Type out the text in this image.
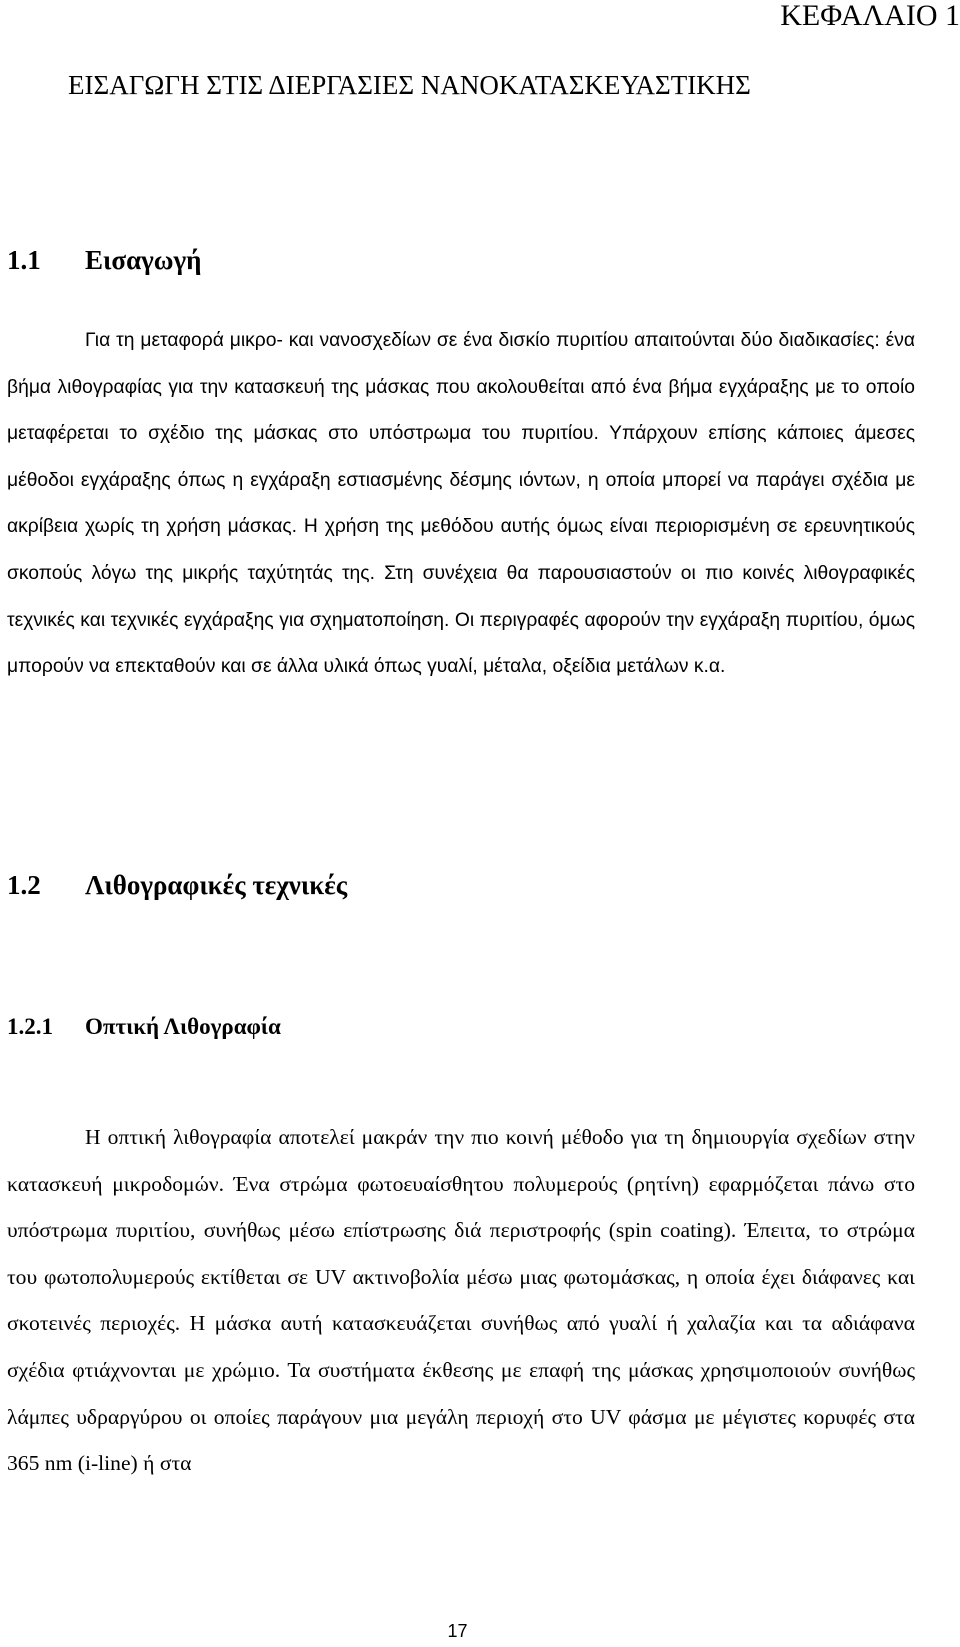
ΚΕΦΑΛΑΙΟ 1
ΕΙΣΑΓΩΓΗ ΣΤΙΣ ΔΙΕΡΓΑΣΙΕΣ ΝΑΝΟΚΑΤΑΣΚΕΥΑΣΤΙΚΗΣ
1.1 Εισαγωγή

Για τη μεταφορά μικρο- και νανοσχεδίων σε ένα δισκίο πυριτίου απαιτούνται δύο διαδικασίες: ένα βήμα λιθογραφίας για την κατασκευή της μάσκας που ακολουθείται από ένα βήμα εγχάραξης με το οποίο μεταφέρεται το σχέδιο της μάσκας στο υπόστρωμα του πυριτίου. Υπάρχουν επίσης κάποιες άμεσες μέθοδοι εγχάραξης όπως η εγχάραξη εστιασμένης δέσμης ιόντων, η οποία μπορεί να παράγει σχέδια με ακρίβεια χωρίς τη χρήση μάσκας. Η χρήση της μεθόδου αυτής όμως είναι περιορισμένη σε ερευνητικούς σκοπούς λόγω της μικρής ταχύτητάς της. Στη συνέχεια θα παρουσιαστούν οι πιο κοινές λιθογραφικές τεχνικές και τεχνικές εγχάραξης για σχηματοποίηση. Οι περιγραφές αφορούν την εγχάραξη πυριτίου, όμως μπορούν να επεκταθούν και σε άλλα υλικά όπως γυαλί, μέταλα, οξείδια μετάλων κ.α.

1.2 Λιθογραφικές τεχνικές
1.2.1 Οπτική Λιθογραφία

Η οπτική λιθογραφία αποτελεί μακράν την πιο κοινή μέθοδο για τη δημιουργία σχεδίων στην κατασκευή μικροδομών. Ένα στρώμα φωτοευαίσθητου πολυμερούς (ρητίνη) εφαρμόζεται πάνω στο υπόστρωμα πυριτίου, συνήθως μέσω επίστρωσης διά περιστροφής (spin coating). Έπειτα, το στρώμα του φωτοπολυμερούς εκτίθεται σε UV ακτινοβολία μέσω μιας φωτομάσκας, η οποία έχει διάφανες και σκοτεινές περιοχές. Η μάσκα αυτή κατασκευάζεται συνήθως από γυαλί ή χαλαζία και τα αδιάφανα σχέδια φτιάχνονται με χρώμιο. Τα συστήματα έκθεσης με επαφή της μάσκας χρησιμοποιούν συνήθως λάμπες υδραργύρου οι οποίες παράγουν μια μεγάλη περιοχή στο UV φάσμα με μέγιστες κορυφές στα 365 nm (i-line) ή στα

17
